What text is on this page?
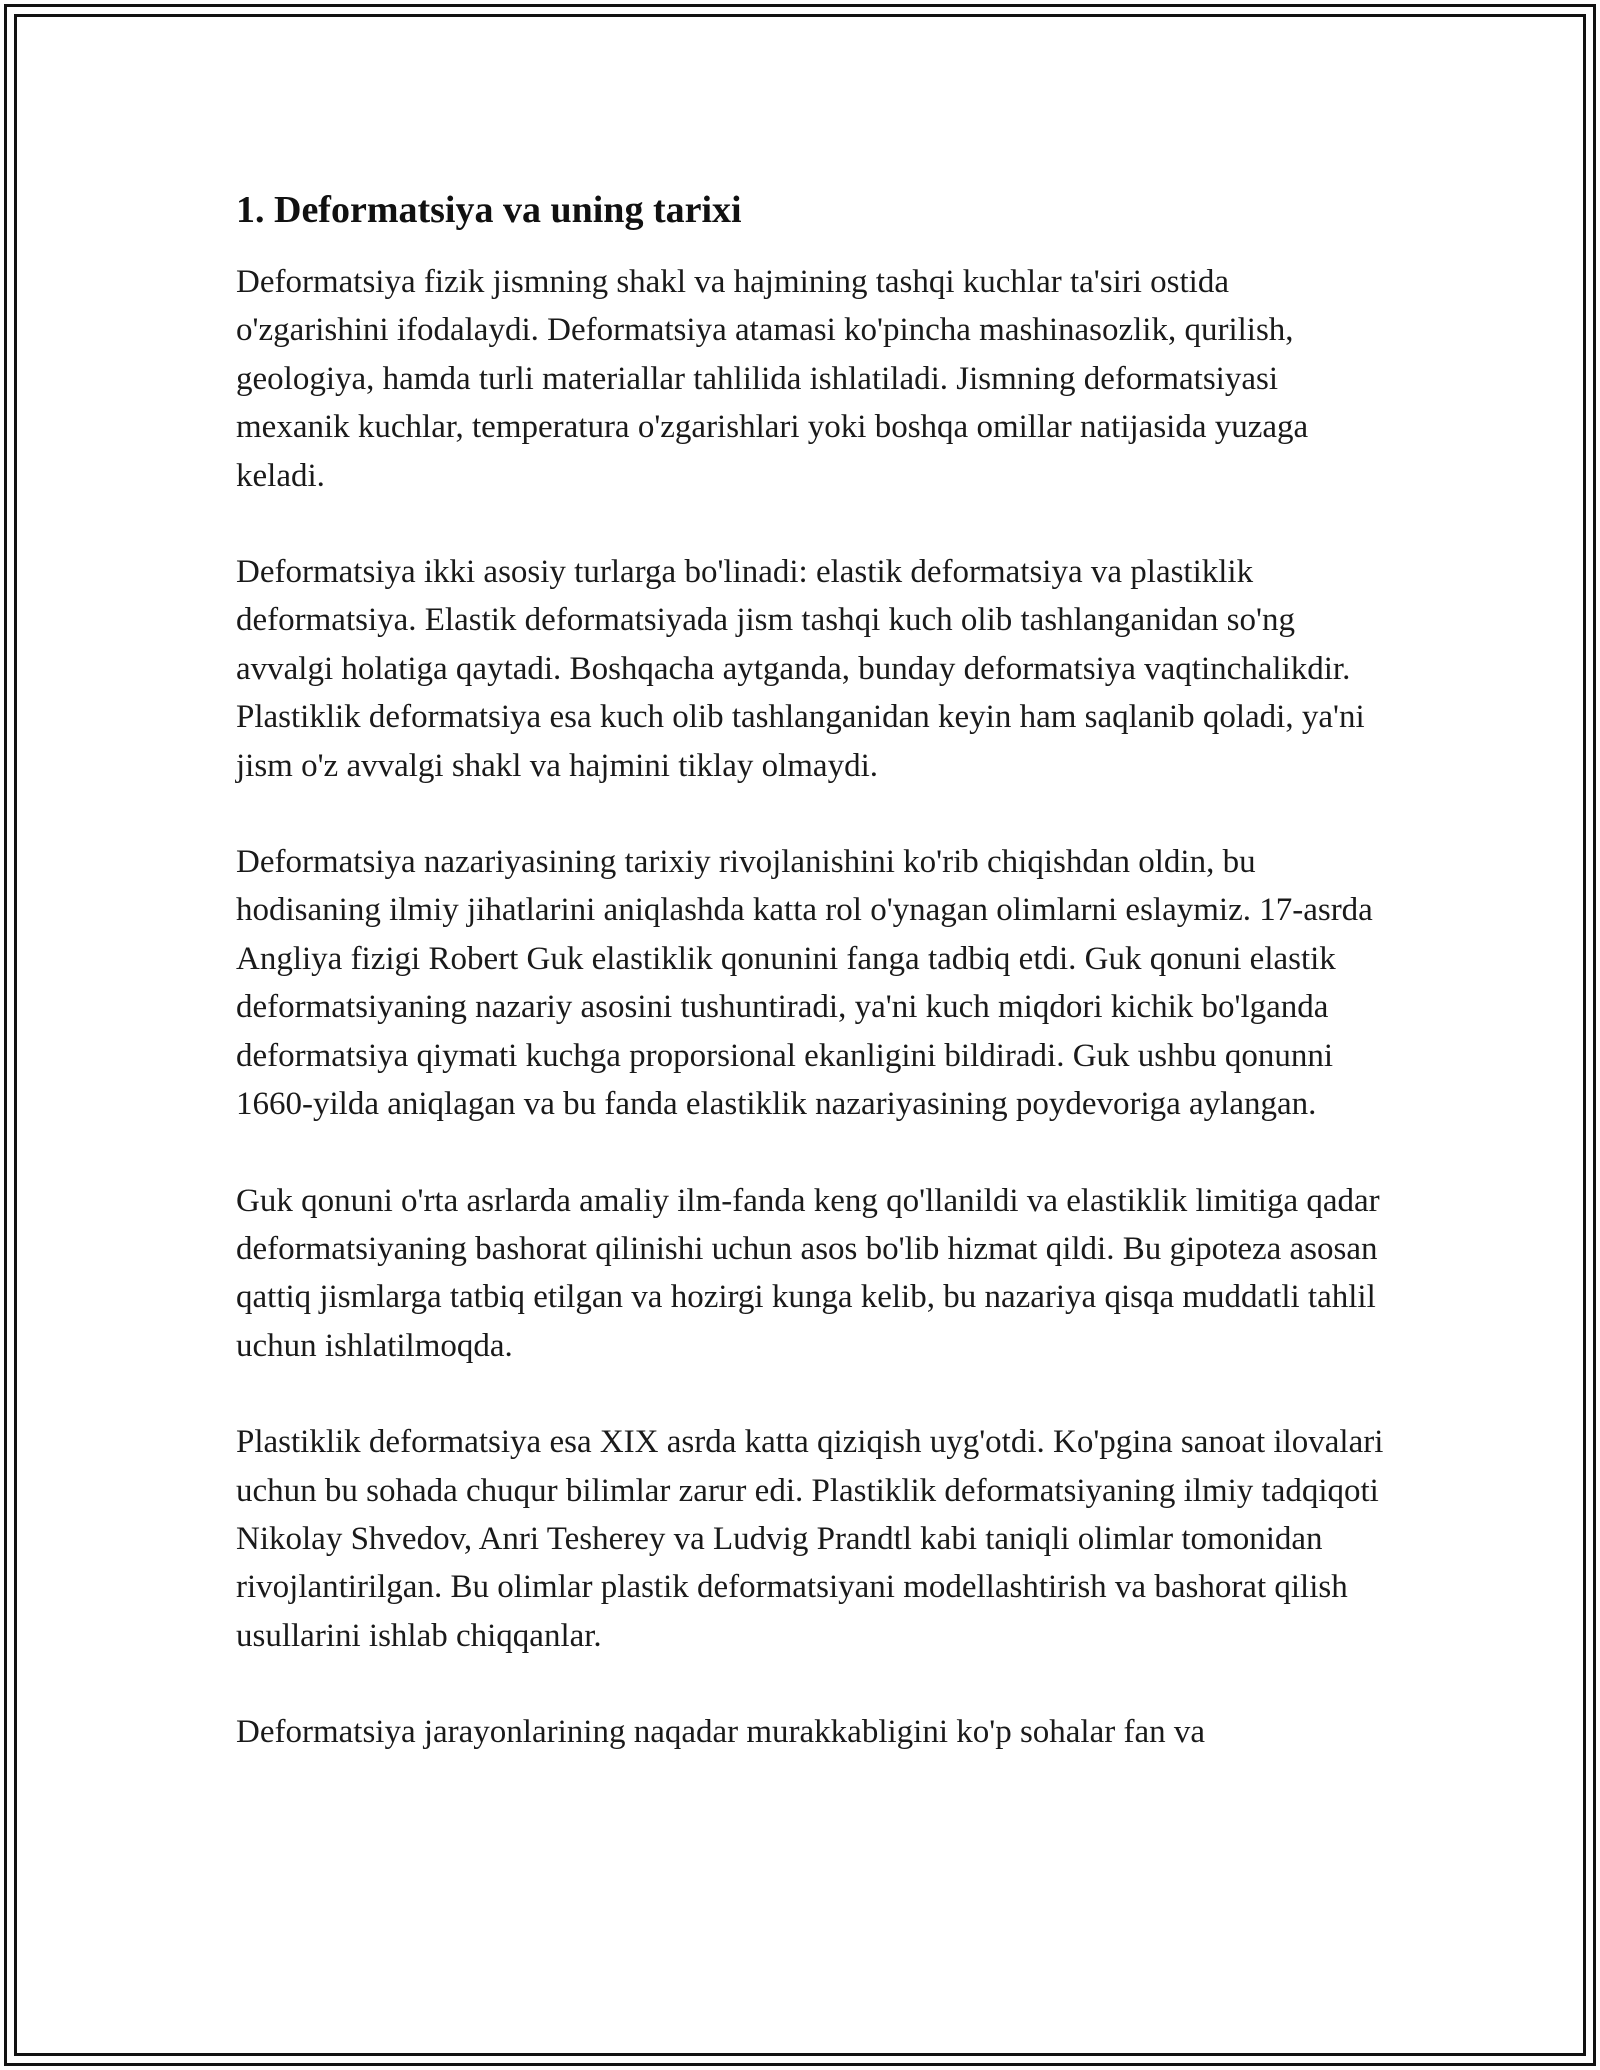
1. Deformatsiya va uning tarixi

Deformatsiya fizik jismning shakl va hajmining tashqi kuchlar ta'siri ostida o'zgarishini ifodalaydi. Deformatsiya atamasi ko'pincha mashinasozlik, qurilish, geologiya, hamda turli materiallar tahlilida ishlatiladi. Jismning deformatsiyasi mexanik kuchlar, temperatura o'zgarishlari yoki boshqa omillar natijasida yuzaga keladi.

Deformatsiya ikki asosiy turlarga bo'linadi: elastik deformatsiya va plastiklik deformatsiya. Elastik deformatsiyada jism tashqi kuch olib tashlanganidan so'ng avvalgi holatiga qaytadi. Boshqacha aytganda, bunday deformatsiya vaqtinchalikdir. Plastiklik deformatsiya esa kuch olib tashlanganidan keyin ham saqlanib qoladi, ya'ni jism o'z avvalgi shakl va hajmini tiklay olmaydi.

Deformatsiya nazariyasining tarixiy rivojlanishini ko'rib chiqishdan oldin, bu hodisaning ilmiy jihatlarini aniqlashda katta rol o'ynagan olimlarni eslaymiz. 17-asrda Angliya fizigi Robert Guk elastiklik qonunini fanga tadbiq etdi. Guk qonuni elastik deformatsiyaning nazariy asosini tushuntiradi, ya'ni kuch miqdori kichik bo'lganda deformatsiya qiymati kuchga proporsional ekanligini bildiradi. Guk ushbu qonunni 1660-yilda aniqlagan va bu fanda elastiklik nazariyasining poydevoriga aylangan.

Guk qonuni o'rta asrlarda amaliy ilm-fanda keng qo'llanildi va elastiklik limitiga qadar deformatsiyaning bashorat qilinishi uchun asos bo'lib hizmat qildi. Bu gipoteza asosan qattiq jismlarga tatbiq etilgan va hozirgi kunga kelib, bu nazariya qisqa muddatli tahlil uchun ishlatilmoqda.

Plastiklik deformatsiya esa XIX asrda katta qiziqish uyg'otdi. Ko'pgina sanoat ilovalari uchun bu sohada chuqur bilimlar zarur edi. Plastiklik deformatsiyaning ilmiy tadqiqoti Nikolay Shvedov, Anri Tesherey va Ludvig Prandtl kabi taniqli olimlar tomonidan rivojlantirilgan. Bu olimlar plastik deformatsiyani modellashtirish va bashorat qilish usullarini ishlab chiqqanlar.

Deformatsiya jarayonlarining naqadar murakkabligini ko'p sohalar fan va
